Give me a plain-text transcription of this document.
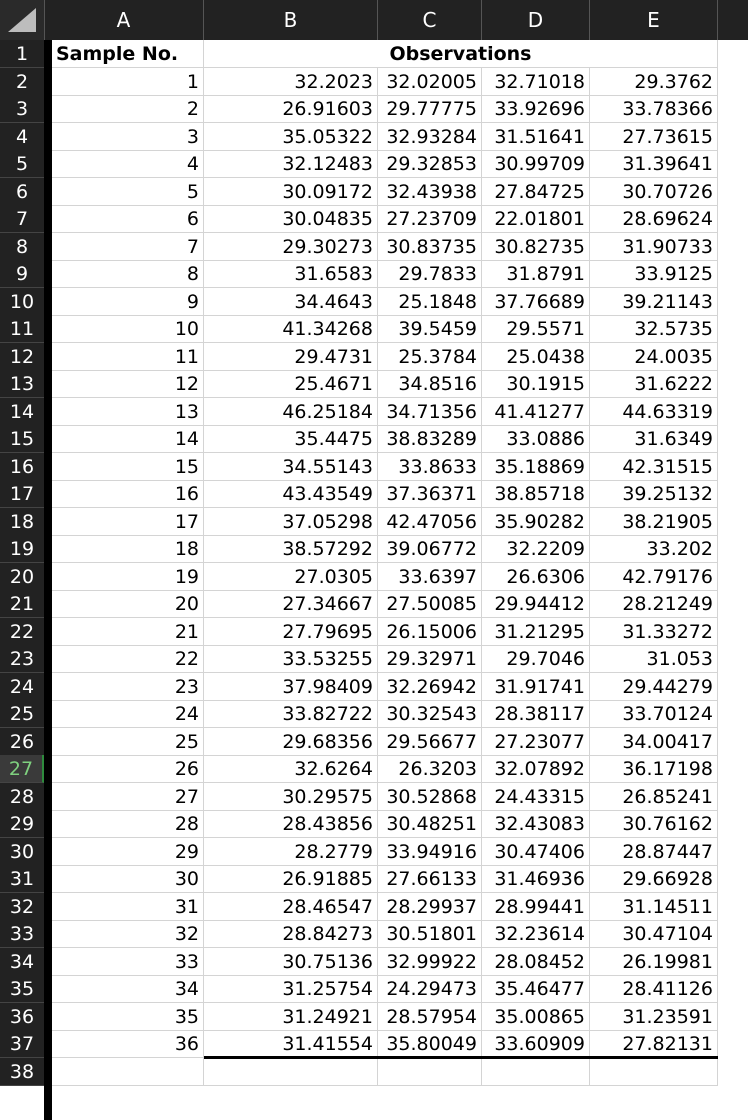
A	B	C	D	E
1
2
3
4
5
6
7
8
9
10
11
12
13
14
15
16
17
18
19
20
21
22
23
24
25
26
27
28
29
30
31
32
33
34
35
36
37
38
Sample No.	Observations
1	32.2023 32.02005 32.71018	29.3762
2	26.91603 29.77775 33.92696	33.78366
3	35.05322 32.93284 31.51641	27.73615
4	32.12483 29.32853 30.99709	31.39641
5	30.09172 32.43938 27.84725	30.70726
6	30.04835 27.23709 22.01801	28.69624
7	29.30273 30.83735 30.82735	31.90733
8	31.6583	29.7833	31.8791	33.9125
9	34.4643	25.1848 37.76689	39.21143
10	41.34268	39.5459	29.5571	32.5735
11	29.4731	25.3784	25.0438	24.0035
12	25.4671	34.8516	30.1915	31.6222
13	46.25184 34.71356 41.41277	44.63319
14	35.4475 38.83289	33.0886	31.6349
15	34.55143	33.8633 35.18869	42.31515
16	43.43549 37.36371 38.85718	39.25132
17	37.05298 42.47056 35.90282	38.21905
18	38.57292 39.06772	32.2209	33.202
19	27.0305	33.6397	26.6306	42.79176
20	27.34667 27.50085 29.94412	28.21249
21	27.79695 26.15006 31.21295	31.33272
22	33.53255 29.32971	29.7046	31.053
23	37.98409 32.26942 31.91741	29.44279
24	33.82722 30.32543 28.38117	33.70124
25	29.68356 29.56677 27.23077	34.00417
26	32.6264	26.3203 32.07892	36.17198
27	30.29575 30.52868 24.43315	26.85241
28	28.43856 30.48251 32.43083	30.76162
29	28.2779 33.94916 30.47406	28.87447
30	26.91885 27.66133 31.46936	29.66928
31	28.46547 28.29937 28.99441	31.14511
32	28.84273 30.51801 32.23614	30.47104
33	30.75136 32.99922 28.08452	26.19981
34	31.25754 24.29473 35.46477	28.41126
35	31.24921 28.57954 35.00865	31.23591
36	31.41554 35.80049 33.60909	27.82131
